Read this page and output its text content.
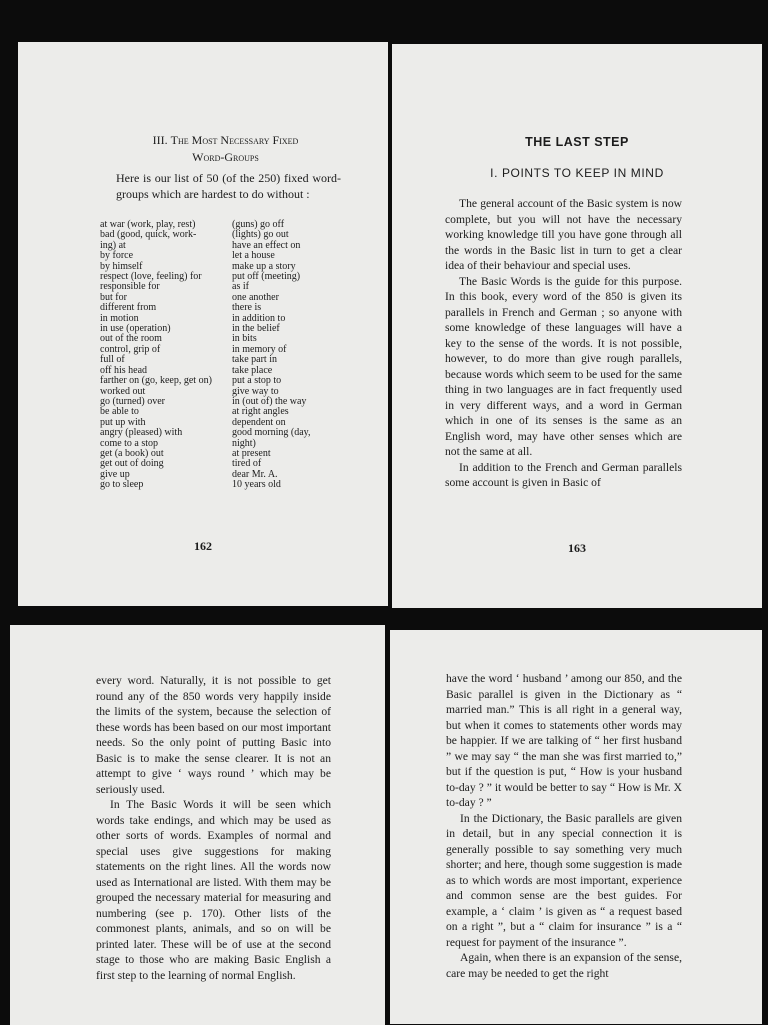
III. The Most Necessary Fixed
Word-Groups
Here is our list of 50 (of the 250) fixed word-groups which are hardest to do without :
at war (work, play, rest)	(guns) go off
bad (good, quick, work-	(lights) go out
ing) at	have an effect on
by force	let a house
by himself	make up a story
respect (love, feeling) for	put off (meeting)
responsible for	as if
but for	one another
different from	there is
in motion	in addition to
in use (operation)	in the belief
out of the room	in bits
control, grip of	in memory of
full of	take part in
off his head	take place
farther on (go, keep, get on)	put a stop to
worked out	give way to
go (turned) over	in (out of) the way
be able to	at right angles
put up with	dependent on
angry (pleased) with	good morning (day,
come to a stop	night)
get (a book) out	at present
get out of doing	tired of
give up	dear Mr. A.
go to sleep	10 years old
162
THE LAST STEP
I. POINTS TO KEEP IN MIND

The general account of the Basic system is now complete, but you will not have the necessary working knowledge till you have gone through all the words in the Basic list in turn to get a clear idea of their behaviour and special uses.

The Basic Words is the guide for this purpose. In this book, every word of the 850 is given its parallels in French and German ; so anyone with some knowledge of these languages will have a key to the sense of the words. It is not possible, however, to do more than give rough parallels, because words which seem to be used for the same thing in two languages are in fact frequently used in very different ways, and a word in German which in one of its senses is the same as an English word, may have other senses which are not the same at all.

In addition to the French and German parallels some account is given in Basic of

163

every word. Naturally, it is not possible to get round any of the 850 words very happily inside the limits of the system, because the selection of these words has been based on our most important needs. So the only point of putting Basic into Basic is to make the sense clearer. It is not an attempt to give ‘ ways round ’ which may be seriously used.

In The Basic Words it will be seen which words take endings, and which may be used as other sorts of words. Examples of normal and special uses give suggestions for making statements on the right lines. All the words now used as International are listed. With them may be grouped the necessary material for measuring and numbering (see p. 170). Other lists of the commonest plants, animals, and so on will be printed later. These will be of use at the second stage to those who are making Basic English a first step to the learning of normal English.

have the word ‘ husband ’ among our 850, and the Basic parallel is given in the Dictionary as “ married man.” This is all right in a general way, but when it comes to statements other words may be happier. If we are talking of “ her first husband ” we may say “ the man she was first married to,” but if the question is put, “ How is your husband to-day ? ” it would be better to say “ How is Mr. X to-day ? ”

In the Dictionary, the Basic parallels are given in detail, but in any special connection it is generally possible to say something very much shorter; and here, though some suggestion is made as to which words are most important, experience and common sense are the best guides. For example, a ‘ claim ’ is given as “ a request based on a right ”, but a “ claim for insurance ” is a “ request for payment of the insurance ”.

Again, when there is an expansion of the sense, care may be needed to get the right
